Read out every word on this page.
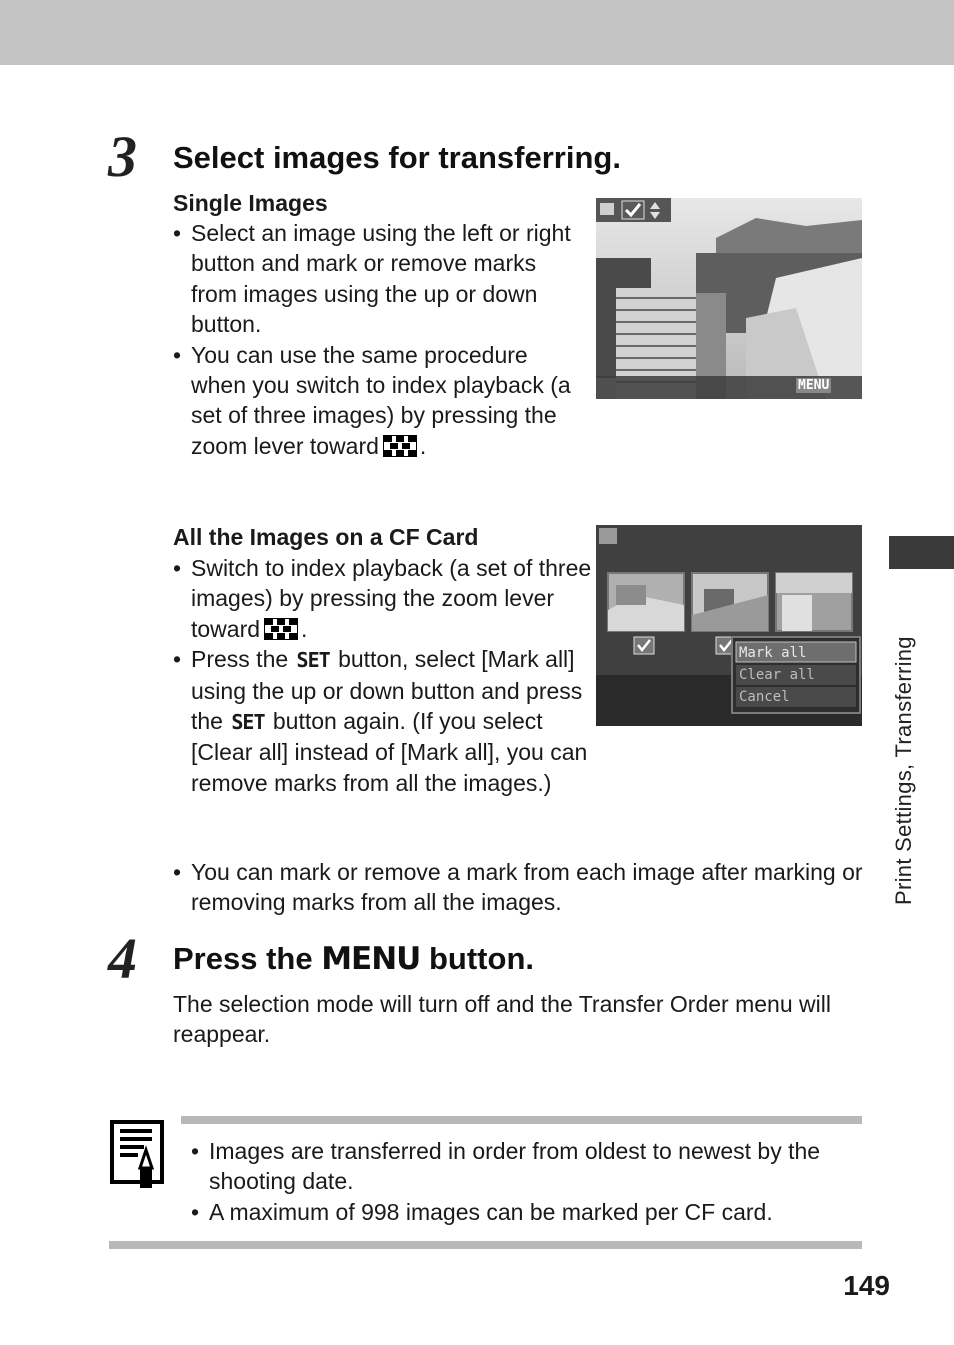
3 Select images for transferring.
Single Images
• Select an image using the left or right button and mark or remove marks from images using the up or down button.
• You can use the same procedure when you switch to index playback (a set of three images) by pressing the zoom lever toward .
MENU
All the Images on a CF Card
• Switch to index playback (a set of three images) by pressing the zoom lever toward .
• Press the SET button, select [Mark all] using the up or down button and press the SET button again. (If you select [Clear all] instead of [Mark all], you can remove marks from all the images.)
• You can mark or remove a mark from each image after marking or removing marks from all the images.
Mark all
Clear all
Cancel
4 Press the MENU button.
The selection mode will turn off and the Transfer Order menu will reappear.
• Images are transferred in order from oldest to newest by the shooting date.
• A maximum of 998 images can be marked per CF card.
Print Settings, Transferring
149
